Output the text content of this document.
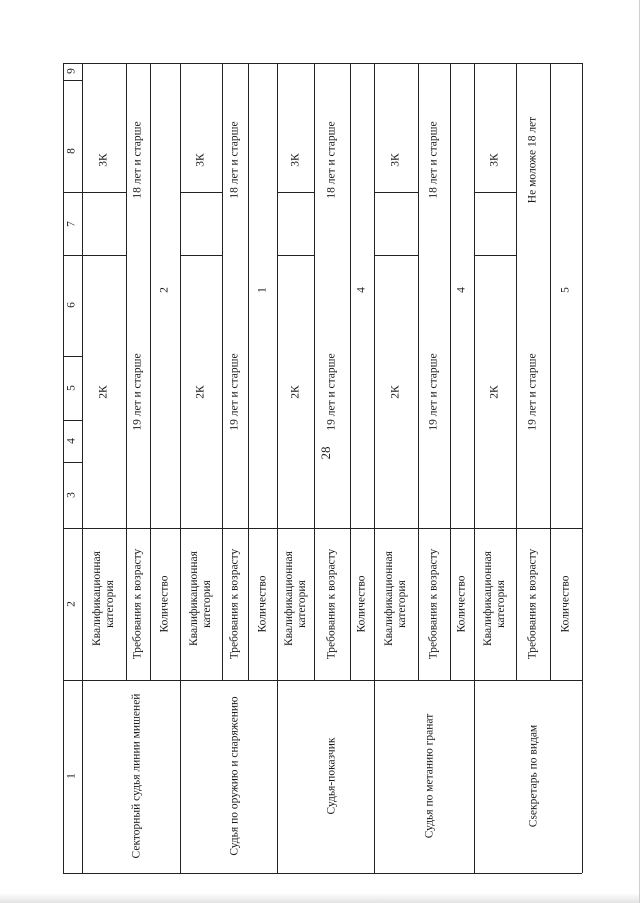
28
1
2
3
4
5
6
7
8
9
Секторный судья линии мишеней
Квалификационная категория Требования к возрасту Количество
2К 19 лет и старше
3К 18 лет и старше
2
Судья по оружию и снаряжению
Квалификационная категория Требования к возрасту Количество
2К 19 лет и старше
3К 18 лет и старше
1
Судья-показчик
Квалификационная категория Требования к возрасту Количество
2К 19 лет и старше
3К 18 лет и старше
4
Судья по метанию гранат
Квалификационная категория Требования к возрасту Количество
2К 19 лет и старше
3К 18 лет и старше
4
Сsекретарь по видам
Квалификационная категория Требования к возрасту Количество
2К 19 лет и старше
3К Не моложе 18 лет
5
